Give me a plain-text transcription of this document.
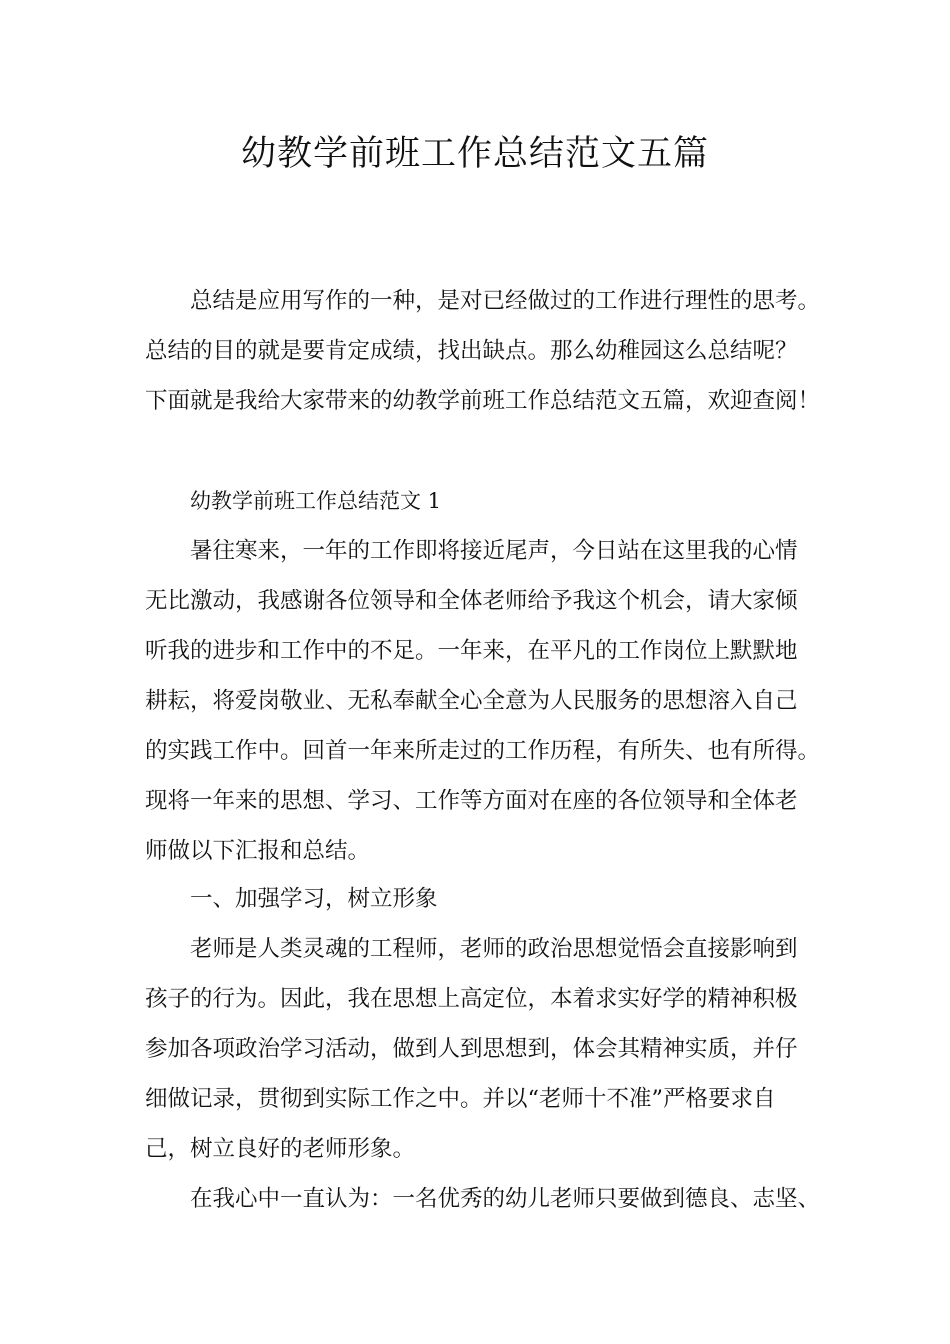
幼教学前班工作总结范文五篇
总结是应用写作的一种，是对已经做过的工作进行理性的思考。
总结的目的就是要肯定成绩，找出缺点。那么幼稚园这么总结呢？
下面就是我给大家带来的幼教学前班工作总结范文五篇，欢迎查阅！
幼教学前班工作总结范文 1
暑往寒来，一年的工作即将接近尾声，今日站在这里我的心情
无比激动，我感谢各位领导和全体老师给予我这个机会，请大家倾
听我的进步和工作中的不足。一年来，在平凡的工作岗位上默默地
耕耘，将爱岗敬业、无私奉献全心全意为人民服务的思想溶入自己
的实践工作中。回首一年来所走过的工作历程，有所失、也有所得。
现将一年来的思想、学习、工作等方面对在座的各位领导和全体老
师做以下汇报和总结。
一、加强学习，树立形象
老师是人类灵魂的工程师，老师的政治思想觉悟会直接影响到
孩子的行为。因此，我在思想上高定位，本着求实好学的精神积极
参加各项政治学习活动，做到人到思想到，体会其精神实质，并仔
细做记录，贯彻到实际工作之中。并以“老师十不准”严格要求自
己，树立良好的老师形象。
在我心中一直认为：一名优秀的幼儿老师只要做到德良、志坚、
